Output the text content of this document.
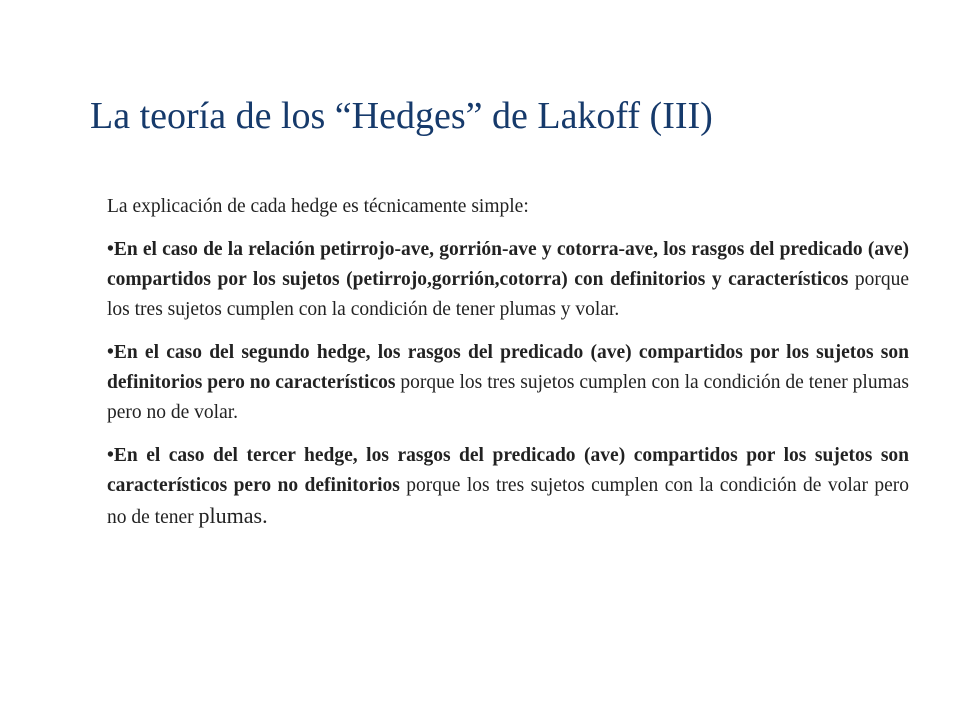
La teoría de los “Hedges” de Lakoff (III)

La explicación de cada hedge es técnicamente simple:

•En el caso de la relación petirrojo-ave, gorrión-ave y cotorra-ave, los rasgos del predicado (ave) compartidos por los sujetos (petirrojo,gorrión,cotorra) con definitorios y característicos porque los tres sujetos cumplen con la condición de tener plumas y volar.

•En el caso del segundo hedge, los rasgos del predicado (ave) compartidos por los sujetos son definitorios pero no característicos porque los tres sujetos cumplen con la condición de tener plumas pero no de volar.

•En el caso del tercer hedge, los rasgos del predicado (ave) compartidos por los sujetos son característicos pero no definitorios porque los tres sujetos cumplen con la condición de volar pero no de tener plumas.
